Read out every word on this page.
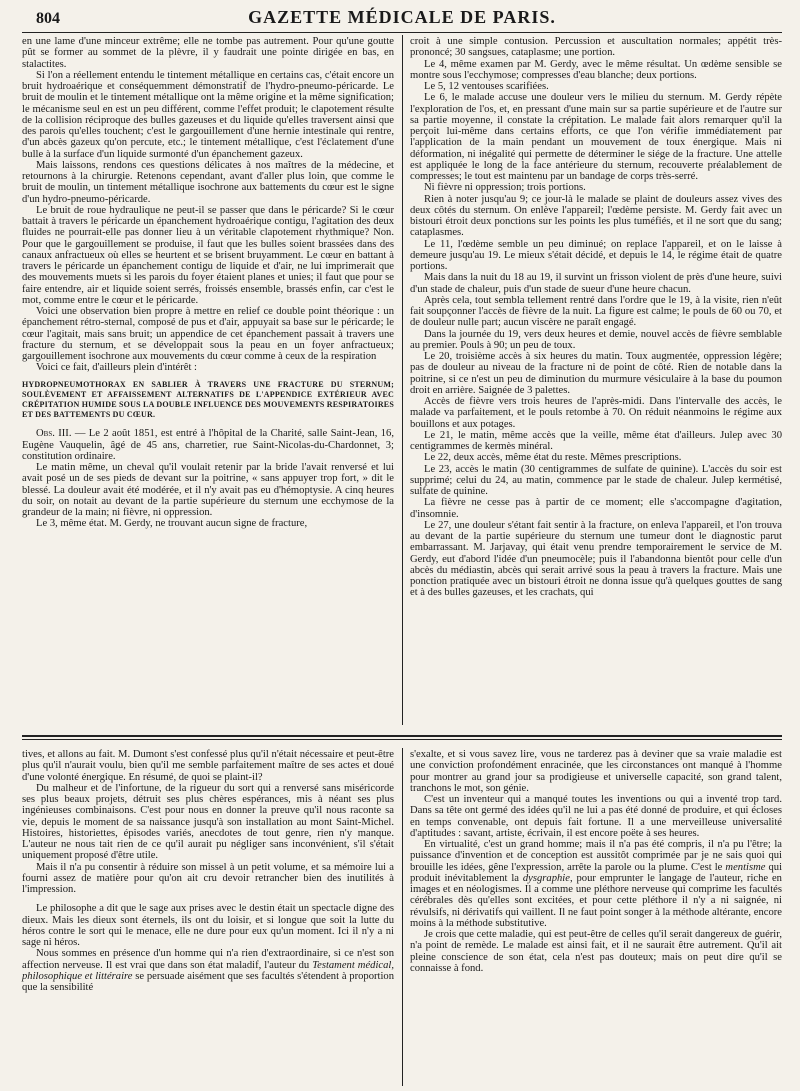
804	GAZETTE MÉDICALE DE PARIS.

en une lame d'une minceur extrême; elle ne tombe pas autrement. Pour qu'une goutte pût se former au sommet de la plèvre, il y faudrait une pointe dirigée en bas, en stalactites.

Si l'on a réellement entendu le tintement métallique en certains cas, c'était encore un bruit hydroaérique et conséquemment démonstratif de l'hydro-pneumo-péricarde. Le bruit de moulin et le tintement métallique ont la même origine et la même signification; le mécanisme seul en est un peu différent, comme l'effet produit; le clapotement résulte de la collision réciproque des bulles gazeuses et du liquide qu'elles traversent ainsi que des parois qu'elles touchent; c'est le gargouillement d'une hernie intestinale qui rentre, d'un abcès gazeux qu'on percute, etc.; le tintement métallique, c'est l'éclatement d'une bulle à la surface d'un liquide surmonté d'un épanchement gazeux.

Mais laissons, rendons ces questions délicates à nos maîtres de la médecine, et retournons à la chirurgie. Retenons cependant, avant d'aller plus loin, que comme le bruit de moulin, un tintement métallique isochrone aux battements du cœur est le signe d'un hydro-pneumo-péricarde.

Le bruit de roue hydraulique ne peut-il se passer que dans le péricarde? Si le cœur battait à travers le péricarde un épanchement hydroaérique contigu, l'agitation des deux fluides ne pourrait-elle pas donner lieu à un véritable clapotement rhythmique? Non. Pour que le gargouillement se produise, il faut que les bulles soient brassées dans des canaux anfractueux où elles se heurtent et se brisent bruyamment. Le cœur en battant à travers le péricarde un épanchement contigu de liquide et d'air, ne lui imprimerait que des mouvements muets si les parois du foyer étaient planes et unies; il faut que pour se faire entendre, air et liquide soient serrés, froissés ensemble, brassés enfin, car c'est le mot, comme entre le cœur et le péricarde.

Voici une observation bien propre à mettre en relief ce double point théorique : un épanchement rétro-sternal, composé de pus et d'air, appuyait sa base sur le péricarde; le cœur l'agitait, mais sans bruit; un appendice de cet épanchement passait à travers une fracture du sternum, et se développait sous la peau en un foyer anfractueux; gargouillement isochrone aux mouvements du cœur comme à ceux de la respiration

Voici ce fait, d'ailleurs plein d'intérêt :

HYDROPNEUMOTHORAX EN SABLIER À TRAVERS UNE FRACTURE DU STERNUM; SOULÈVEMENT ET AFFAISSEMENT ALTERNATIFS DE L'APPENDICE EXTÉRIEUR AVEC CRÉPITATION HUMIDE SOUS LA DOUBLE INFLUENCE DES MOUVEMENTS RESPIRATOIRES ET DES BATTEMENTS DU CŒUR.

Obs. III. — Le 2 août 1851, est entré à l'hôpital de la Charité, salle Saint-Jean, 16, Eugène Vauquelin, âgé de 45 ans, charretier, rue Saint-Nicolas-du-Chardonnet, 3; constitution ordinaire.

Le matin même, un cheval qu'il voulait retenir par la bride l'avait renversé et lui avait posé un de ses pieds de devant sur la poitrine, « sans appuyer trop fort, » dit le blessé. La douleur avait été modérée, et il n'y avait pas eu d'hémoptysie. A cinq heures du soir, on notait au devant de la partie supérieure du sternum une ecchymose de la grandeur de la main; ni fièvre, ni oppression.

Le 3, même état. M. Gerdy, ne trouvant aucun signe de fracture,

croit à une simple contusion. Percussion et auscultation normales; appétit très-prononcé; 30 sangsues, cataplasme; une portion.

Le 4, même examen par M. Gerdy, avec le même résultat. Un œdème sensible se montre sous l'ecchymose; compresses d'eau blanche; deux portions.

Le 5, 12 ventouses scarifiées.

Le 6, le malade accuse une douleur vers le milieu du sternum. M. Gerdy répète l'exploration de l'os, et, en pressant d'une main sur sa partie supérieure et de l'autre sur sa partie moyenne, il constate la crépitation. Le malade fait alors remarquer qu'il la perçoit lui-même dans certains efforts, ce que l'on vérifie immédiatement par l'application de la main pendant un mouvement de toux énergique. Mais ni déformation, ni inégalité qui permette de déterminer le siége de la fracture. Une attelle est appliquée le long de la face antérieure du sternum, recouverte préalablement de compresses; le tout est maintenu par un bandage de corps très-serré.

Ni fièvre ni oppression; trois portions.

Rien à noter jusqu'au 9; ce jour-là le malade se plaint de douleurs assez vives des deux côtés du sternum. On enlève l'appareil; l'œdème persiste. M. Gerdy fait avec un bistouri étroit deux ponctions sur les points les plus tuméfiés, et il ne sort que du sang; cataplasmes.

Le 11, l'œdème semble un peu diminué; on replace l'appareil, et on le laisse à demeure jusqu'au 19. Le mieux s'était décidé, et depuis le 14, le régime était de quatre portions.

Mais dans la nuit du 18 au 19, il survint un frisson violent de près d'une heure, suivi d'un stade de chaleur, puis d'un stade de sueur d'une heure chacun.

Après cela, tout sembla tellement rentré dans l'ordre que le 19, à la visite, rien n'eût fait soupçonner l'accès de fièvre de la nuit. La figure est calme; le pouls de 60 ou 70, et de douleur nulle part; aucun viscère ne paraît engagé.

Dans la journée du 19, vers deux heures et demie, nouvel accès de fièvre semblable au premier. Pouls à 90; un peu de toux.

Le 20, troisième accès à six heures du matin. Toux augmentée, oppression légère; pas de douleur au niveau de la fracture ni de point de côté. Rien de notable dans la poitrine, si ce n'est un peu de diminution du murmure vésiculaire à la base du poumon droit en arrière. Saignée de 3 palettes.

Accès de fièvre vers trois heures de l'après-midi. Dans l'intervalle des accès, le malade va parfaitement, et le pouls retombe à 70. On réduit néanmoins le régime aux bouillons et aux potages.

Le 21, le matin, même accès que la veille, même état d'ailleurs. Julep avec 30 centigrammes de kermès minéral.

Le 22, deux accès, même état du reste. Mêmes prescriptions.

Le 23, accès le matin (30 centigrammes de sulfate de quinine). L'accès du soir est supprimé; celui du 24, au matin, commence par le stade de chaleur. Julep kermétisé, sulfate de quinine.

La fièvre ne cesse pas à partir de ce moment; elle s'accompagne d'agitation, d'insomnie.

Le 27, une douleur s'étant fait sentir à la fracture, on enleva l'appareil, et l'on trouva au devant de la partie supérieure du sternum une tumeur dont le diagnostic parut embarrassant. M. Jarjavay, qui était venu prendre temporairement le service de M. Gerdy, eut d'abord l'idée d'un pneumocèle; puis il l'abandonna bientôt pour celle d'un abcès du médiastin, abcès qui serait arrivé sous la peau à travers la fracture. Mais une ponction pratiquée avec un bistouri étroit ne donna issue qu'à quelques gouttes de sang et à des bulles gazeuses, et les crachats, qui

tives, et allons au fait. M. Dumont s'est confessé plus qu'il n'était nécessaire et peut-être plus qu'il n'aurait voulu, bien qu'il me semble parfaitement maître de ses actes et doué d'une volonté énergique. En résumé, de quoi se plaint-il?

Du malheur et de l'infortune, de la rigueur du sort qui a renversé sans miséricorde ses plus beaux projets, détruit ses plus chères espérances, mis à néant ses plus ingénieuses combinaisons. C'est pour nous en donner la preuve qu'il nous raconte sa vie, depuis le moment de sa naissance jusqu'à son installation au mont Saint-Michel. Histoires, historiettes, épisodes variés, anecdotes de tout genre, rien n'y manque. L'auteur ne nous tait rien de ce qu'il aurait pu négliger sans inconvénient, s'il s'était uniquement proposé d'être utile.

Mais il n'a pu consentir à réduire son missel à un petit volume, et sa mémoire lui a fourni assez de matière pour qu'on ait cru devoir retrancher bien des inutilités à l'impression.

Le philosophe a dit que le sage aux prises avec le destin était un spectacle digne des dieux. Mais les dieux sont éternels, ils ont du loisir, et si longue que soit la lutte du héros contre le sort qui le menace, elle ne dure pour eux qu'un moment. Ici il n'y a ni sage ni héros.

Nous sommes en présence d'un homme qui n'a rien d'extraordinaire, si ce n'est son affection nerveuse. Il est vrai que dans son état maladif, l'auteur du Testament médical, philosophique et littéraire se persuade aisément que ses facultés s'étendent à proportion que la sensibilité

s'exalte, et si vous savez lire, vous ne tarderez pas à deviner que sa vraie maladie est une conviction profondément enracinée, que les circonstances ont manqué à l'homme pour montrer au grand jour sa prodigieuse et universelle capacité, son grand talent, tranchons le mot, son génie.

C'est un inventeur qui a manqué toutes les inventions ou qui a inventé trop tard. Dans sa tête ont germé des idées qu'il ne lui a pas été donné de produire, et qui écloses en temps convenable, ont depuis fait fortune. Il a une merveilleuse universalité d'aptitudes : savant, artiste, écrivain, il est encore poëte à ses heures.

En virtualité, c'est un grand homme; mais il n'a pas été compris, il n'a pu l'être; la puissance d'invention et de conception est aussitôt comprimée par je ne sais quoi qui brouille les idées, gêne l'expression, arrête la parole ou la plume. C'est le mentisme qui produit inévitablement la dysgraphie, pour emprunter le langage de l'auteur, riche en images et en néologismes. Il a comme une pléthore nerveuse qui comprime les facultés cérébrales dès qu'elles sont excitées, et pour cette pléthore il n'y a ni saignée, ni révulsifs, ni dérivatifs qui vaillent. Il ne faut point songer à la méthode altérante, encore moins à la méthode substitutive.

Je crois que cette maladie, qui est peut-être de celles qu'il serait dangereux de guérir, n'a point de remède. Le malade est ainsi fait, et il ne saurait être autrement. Qu'il ait pleine conscience de son état, cela n'est pas douteux; mais on peut dire qu'il se connaisse à fond.
